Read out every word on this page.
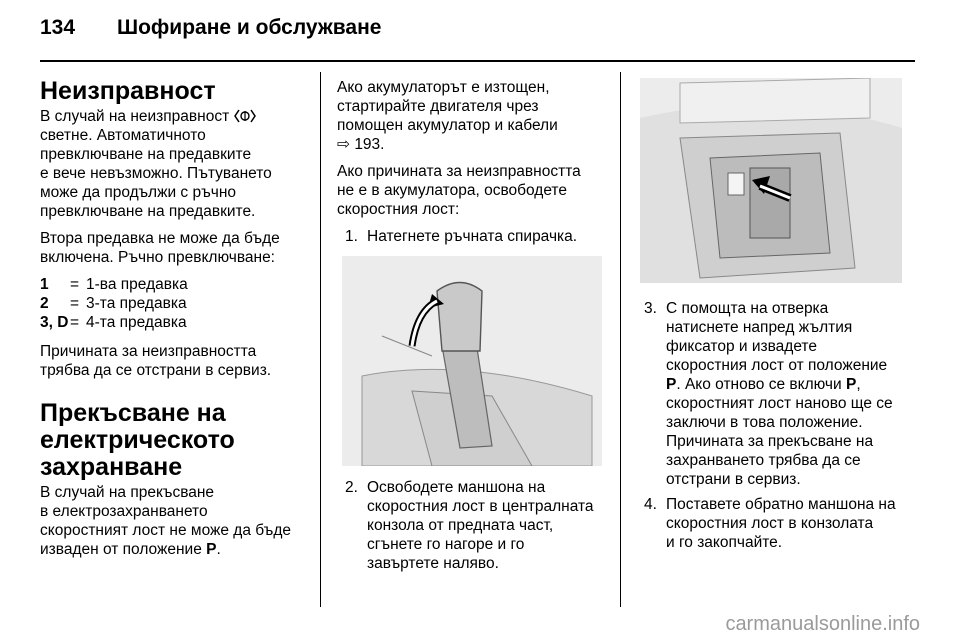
134 Шофиране и обслужване
Неизправност

В случай на неизправност
светне. Автоматичното
превключване на предавките
е вече невъзможно. Пътуването
може да продължи с ръчно
превключване на предавките.

Втора предавка не може да бъде
включена. Ръчно превключване:

1	= 1-ва предавка
2	= 3-та предавка
3, D = 4-та предавка

Причината за неизправността
трябва да се отстрани в сервиз.

Прекъсване на
електрическото
захранване

В случай на прекъсване
в електрозахранването
скоростният лост не може да бъде
изваден от положение P.

Ако акумулаторът е изтощен,
стартирайте двигателя чрез
помощен акумулатор и кабели
⇨ 193.

Ако причината за неизправността
не е в акумулатора, освободете
скоростния лост:

1. Натегнете ръчната спирачка.
2. Освободете маншона на
скоростния лост в централната
конзола от предната част,
сгънете го нагоре и го
завъртете наляво.
3. С помощта на отверка
натиснете напред жълтия
фиксатор и извадете
скоростния лост от положение
P. Ако отново се включи P,
скоростният лост наново ще се
заключи в това положение.
Причината за прекъсване на
захранването трябва да се
отстрани в сервиз.
4. Поставете обратно маншона на
скоростния лост в конзолата
и го закопчайте.
carmanualsonline.info
